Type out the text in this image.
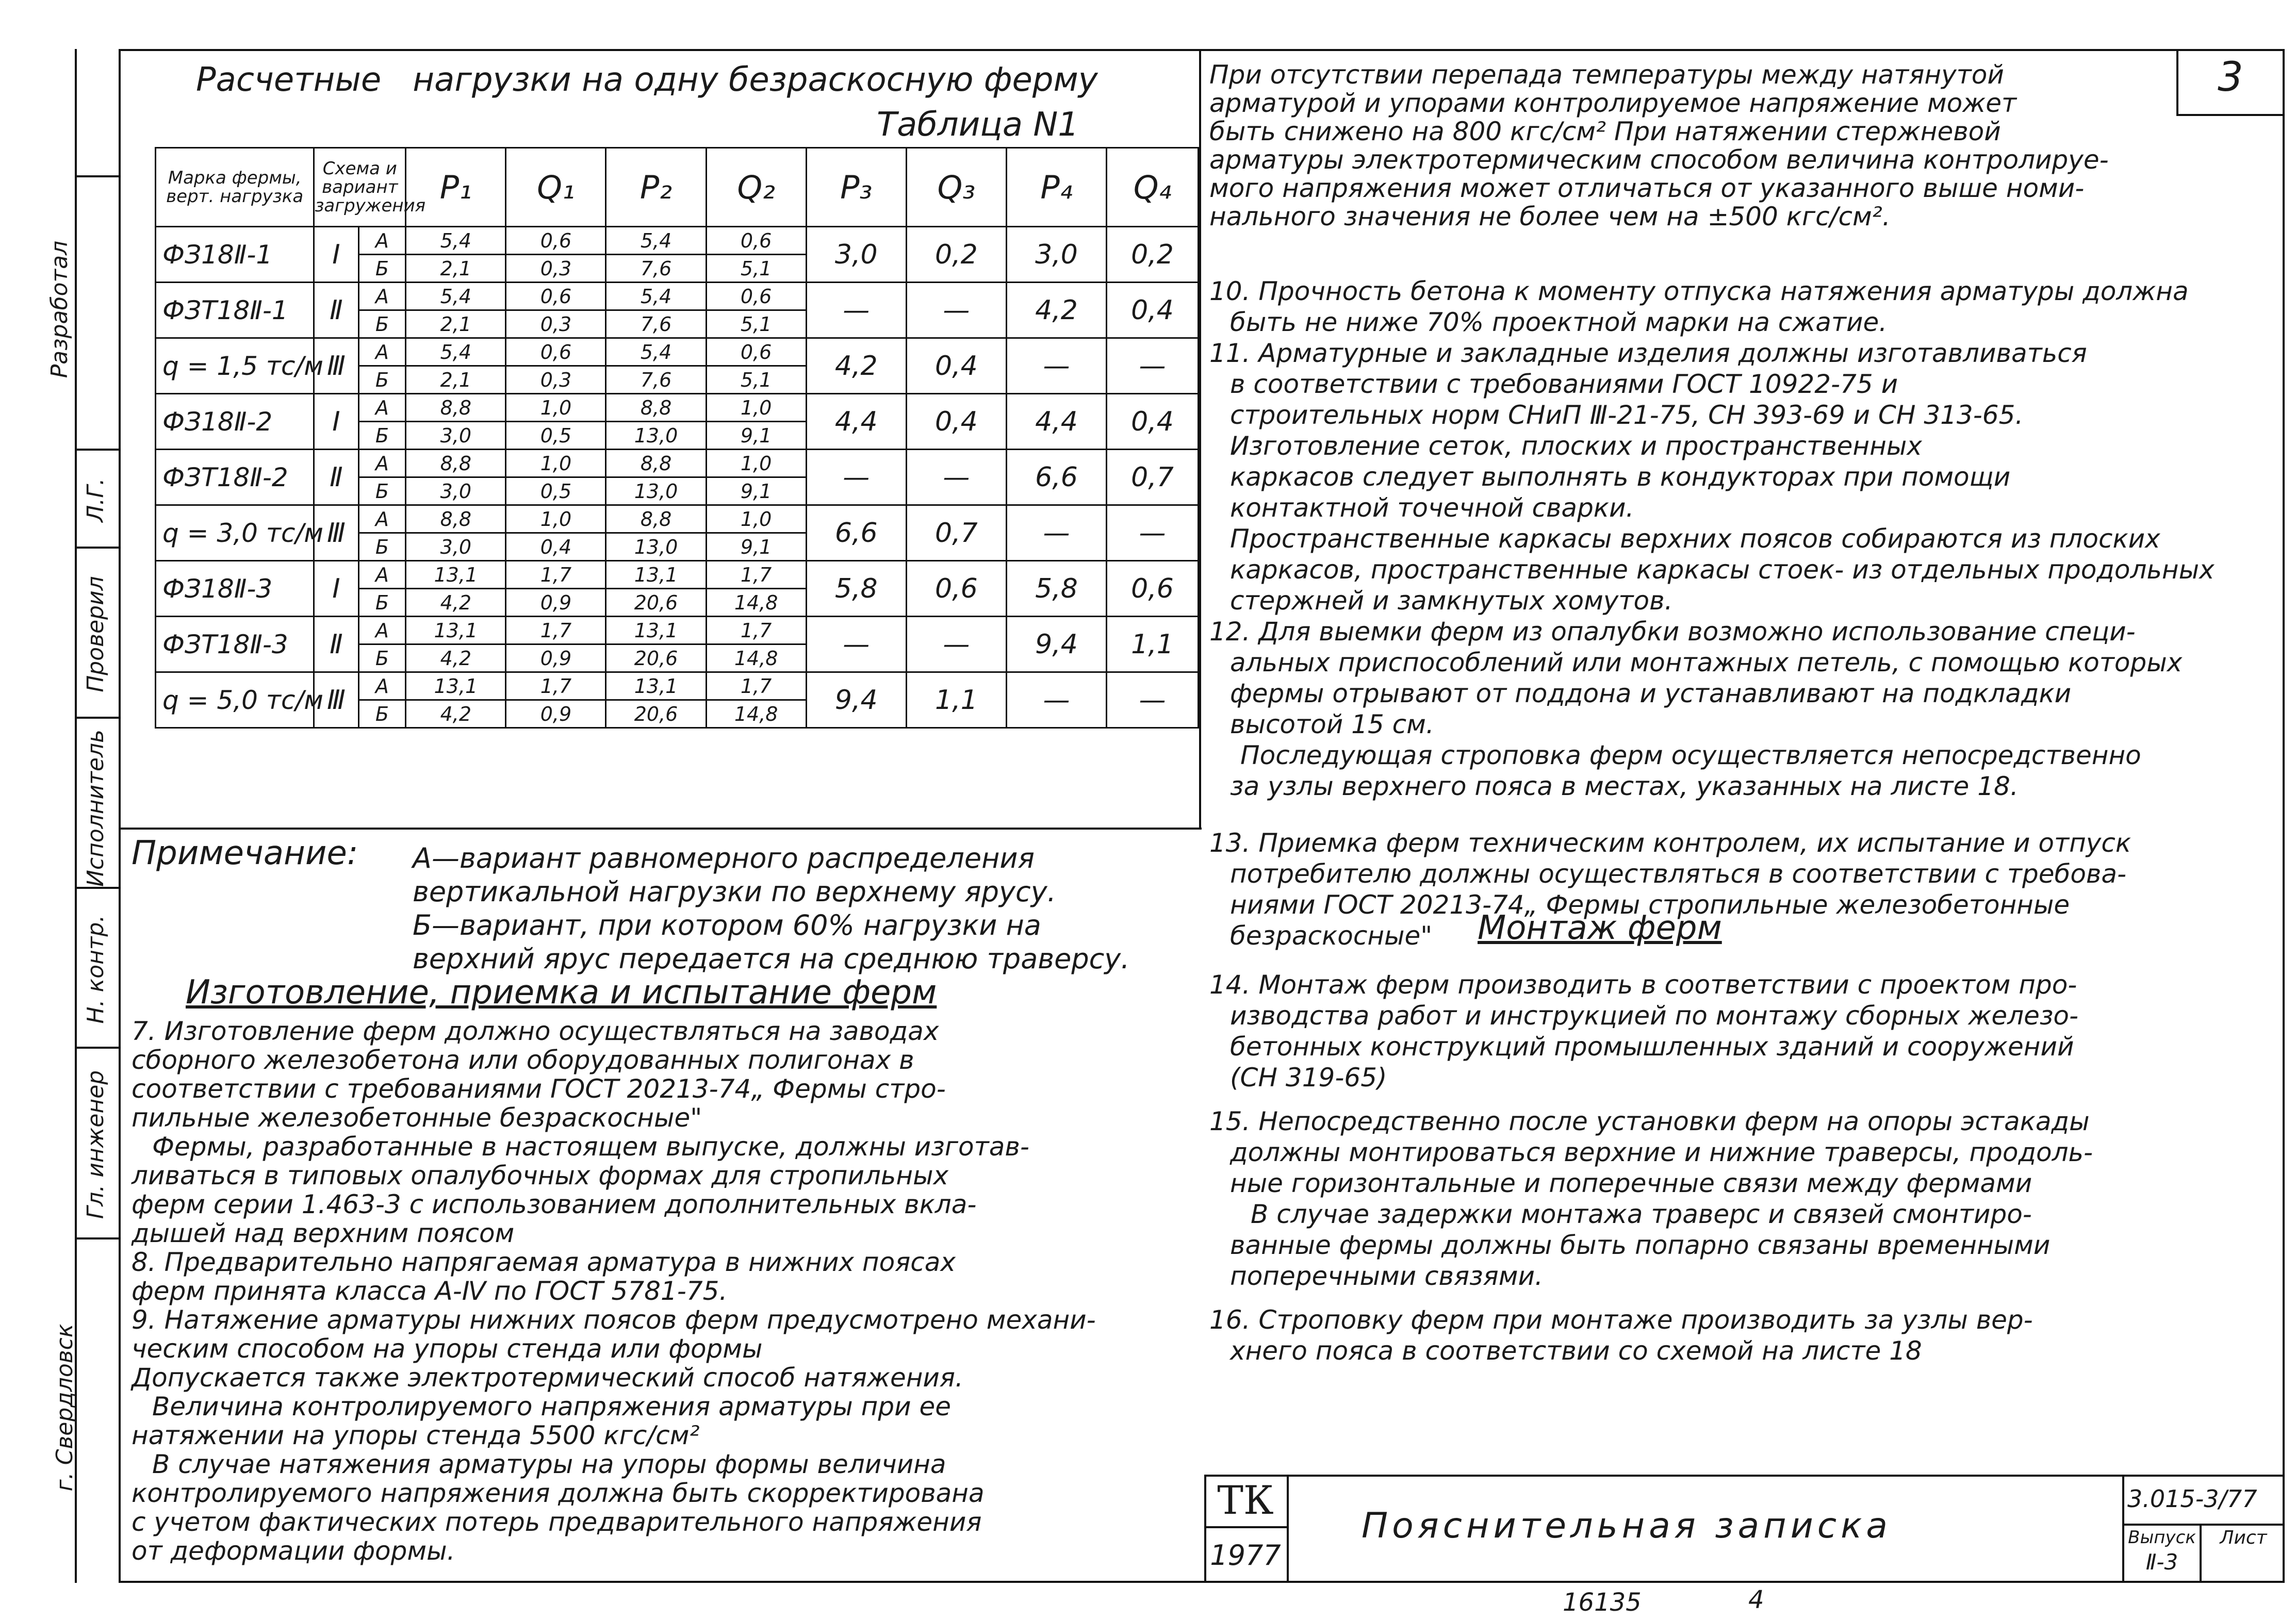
Разработал
Л.Г.
Проверил
Исполнитель
Н. контр.
Гл. инженер
г. Свердловск
3
Расчетные   нагрузки на одну безраскосную ферму
Таблица N1
Марка фермы, верт. нагрузка	Схема и вариант загружения		P₁	Q₁	P₂	Q₂	P₃	Q₃	P₄	Q₄
ФЗ18Ⅱ-1	Ⅰ	А	5,4	0,6	5,4	0,6	3,0	0,2	3,0	0,2
		Б	2,1	0,3	7,6	5,1				
ФЗТ18Ⅱ-1	Ⅱ	А	5,4	0,6	5,4	0,6	—	—	4,2	0,4
		Б	2,1	0,3	7,6	5,1				
q = 1,5 тс/м	Ⅲ	А	5,4	0,6	5,4	0,6	4,2	0,4	—	—
		Б	2,1	0,3	7,6	5,1				
ФЗ18Ⅱ-2	Ⅰ	А	8,8	1,0	8,8	1,0	4,4	0,4	4,4	0,4
		Б	3,0	0,5	13,0	9,1				
ФЗТ18Ⅱ-2	Ⅱ	А	8,8	1,0	8,8	1,0	—	—	6,6	0,7
		Б	3,0	0,5	13,0	9,1				
q = 3,0 тс/м	Ⅲ	А	8,8	1,0	8,8	1,0	6,6	0,7	—	—
		Б	3,0	0,4	13,0	9,1				
ФЗ18Ⅱ-3	Ⅰ	А	13,1	1,7	13,1	1,7	5,8	0,6	5,8	0,6
		Б	4,2	0,9	20,6	14,8				
ФЗТ18Ⅱ-3	Ⅱ	А	13,1	1,7	13,1	1,7	—	—	9,4	1,1
		Б	4,2	0,9	20,6	14,8				
q = 5,0 тс/м	Ⅲ	А	13,1	1,7	13,1	1,7	9,4	1,1	—	—
		Б	4,2	0,9	20,6	14,8				
Примечание: А—вариант равномерного распределения
вертикальной нагрузки по верхнему ярусу.
Б—вариант, при котором 60% нагрузки на
верхний ярус передается на среднюю траверсу.
Изготовление, приемка и испытание ферм
7. Изготовление ферм должно осуществляться на заводах
сборного железобетона или оборудованных полигонах в
соответствии с требованиями ГОСТ 20213-74„ Фермы стро-
пильные железобетонные безраскосные"
Фермы, разработанные в настоящем выпуске, должны изготав-
ливаться в типовых опалубочных формах для стропильных
ферм серии 1.463-3 с использованием дополнительных вкла-
дышей над верхним поясом
8. Предварительно напрягаемая арматура в нижних поясах
ферм принята класса А-Ⅳ по ГОСТ 5781-75.
9. Натяжение арматуры нижних поясов ферм предусмотрено механи-
ческим способом на упоры стенда или формы
Допускается также электротермический способ натяжения.
Величина контролируемого напряжения арматуры при ее
натяжении на упоры стенда 5500 кгс/см²
В случае натяжения арматуры на упоры формы величина
контролируемого напряжения должна быть скорректирована
с учетом фактических потерь предварительного напряжения
от деформации формы.
При отсутствии перепада температуры между натянутой
арматурой и упорами контролируемое напряжение может
быть снижено на 800 кгс/см² При натяжении стержневой
арматуры электротермическим способом величина контролируе-
мого напряжения может отличаться от указанного выше номи-
нального значения не более чем на ±500 кгс/см².
10. Прочность бетона к моменту отпуска натяжения арматуры должна
быть не ниже 70% проектной марки на сжатие.
11. Арматурные и закладные изделия должны изготавливаться
в соответствии с требованиями ГОСТ 10922-75 и
строительных норм СНиП Ⅲ-21-75, СН 393-69 и СН 313-65.
Изготовление сеток, плоских и пространственных
каркасов следует выполнять в кондукторах при помощи
контактной точечной сварки.
Пространственные каркасы верхних поясов собираются из плоских
каркасов, пространственные каркасы стоек- из отдельных продольных
стержней и замкнутых хомутов.
12. Для выемки ферм из опалубки возможно использование специ-
альных приспособлений или монтажных петель, с помощью которых
фермы отрывают от поддона и устанавливают на подкладки
высотой 15 см.
Последующая строповка ферм осуществляется непосредственно
за узлы верхнего пояса в местах, указанных на листе 18.
13. Приемка ферм техническим контролем, их испытание и отпуск
потребителю должны осуществляться в соответствии с требова-
ниями ГОСТ 20213-74„ Фермы стропильные железобетонные
безраскосные" Монтаж ферм
14. Монтаж ферм производить в соответствии с проектом про-
изводства работ и инструкцией по монтажу сборных железо-
бетонных конструкций промышленных зданий и сооружений
(СН 319-65)
15. Непосредственно после установки ферм на опоры эстакады
должны монтироваться верхние и нижние траверсы, продоль-
ные горизонтальные и поперечные связи между фермами
В случае задержки монтажа траверс и связей смонтиро-
ванные фермы должны быть попарно связаны временными
поперечными связями.
16. Строповку ферм при монтаже производить за узлы вер-
хнего пояса в соответствии со схемой на листе 18
ТК
1977
Пояснительная записка
3.015-3/77
Выпуск
Ⅱ-3
Лист
16135	4
